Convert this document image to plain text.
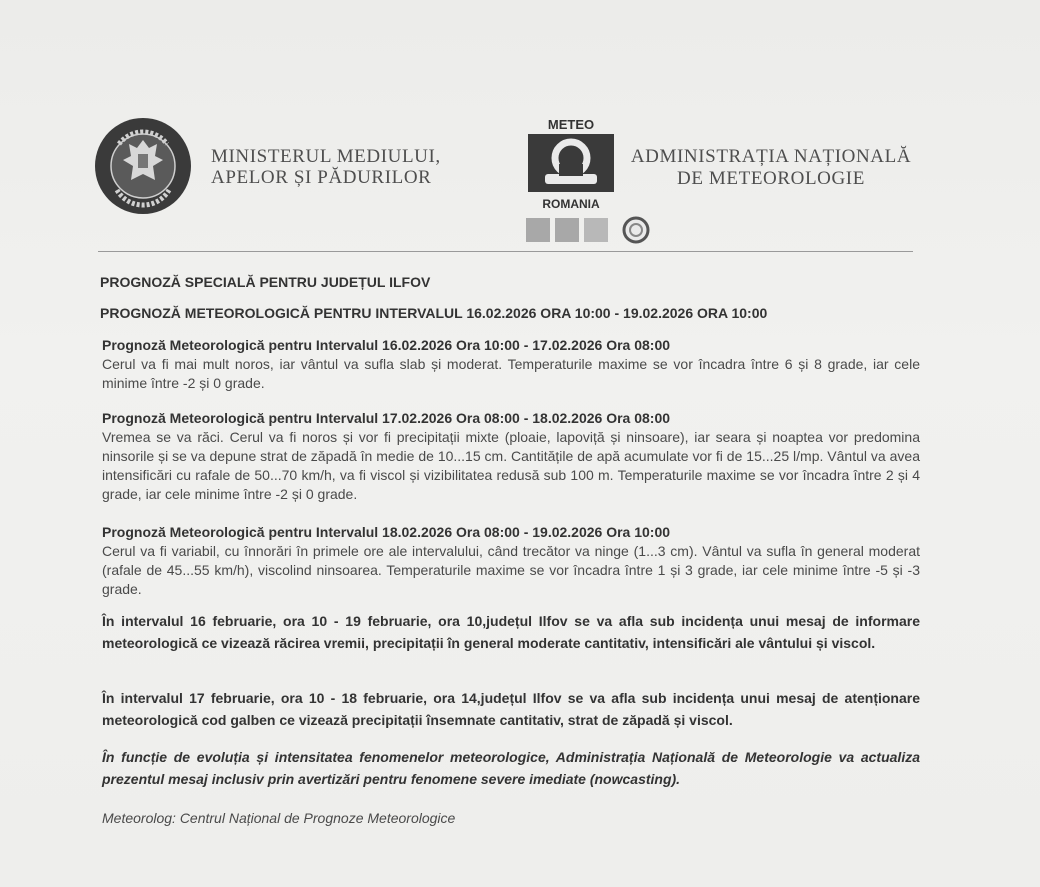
MINISTERUL MEDIULUI,
APELOR ȘI PĂDURILOR
METEO
ROMANIA
ADMINISTRAȚIA NAȚIONALĂ
DE METEOROLOGIE
PROGNOZĂ SPECIALĂ PENTRU JUDEȚUL ILFOV
PROGNOZĂ METEOROLOGICĂ PENTRU INTERVALUL 16.02.2026 ORA 10:00 - 19.02.2026 ORA 10:00
Prognoză Meteorologică pentru Intervalul 16.02.2026 Ora 10:00 - 17.02.2026 Ora 08:00

Cerul va fi mai mult noros, iar vântul va sufla slab și moderat. Temperaturile maxime se vor încadra între 6 și 8 grade, iar cele minime între -2 și 0 grade.

Prognoză Meteorologică pentru Intervalul 17.02.2026 Ora 08:00 - 18.02.2026 Ora 08:00

Vremea se va răci. Cerul va fi noros și vor fi precipitații mixte (ploaie, lapoviță și ninsoare), iar seara și noaptea vor predomina ninsorile și se va depune strat de zăpadă în medie de 10...15 cm. Cantitățile de apă acumulate vor fi de 15...25 l/mp. Vântul va avea intensificări cu rafale de 50...70 km/h, va fi viscol și vizibilitatea redusă sub 100 m. Temperaturile maxime se vor încadra între 2 și 4 grade, iar cele minime între -2 și 0 grade.

Prognoză Meteorologică pentru Intervalul 18.02.2026 Ora 08:00 - 19.02.2026 Ora 10:00

Cerul va fi variabil, cu înnorări în primele ore ale intervalului, când trecător va ninge (1...3 cm). Vântul va sufla în general moderat (rafale de 45...55 km/h), viscolind ninsoarea. Temperaturile maxime se vor încadra între 1 și 3 grade, iar cele minime între -5 și -3 grade.

În intervalul 16 februarie, ora 10 - 19 februarie, ora 10,județul Ilfov se va afla sub incidența unui mesaj de informare meteorologică ce vizează răcirea vremii, precipitații în general moderate cantitativ, intensificări ale vântului și viscol.

În intervalul 17 februarie, ora 10 - 18 februarie, ora 14,județul Ilfov se va afla sub incidența unui mesaj de atenționare meteorologică cod galben ce vizează precipitații însemnate cantitativ, strat de zăpadă și viscol.

În funcție de evoluția și intensitatea fenomenelor meteorologice, Administrația Națională de Meteorologie va actualiza prezentul mesaj inclusiv prin avertizări pentru fenomene severe imediate (nowcasting).

Meteorolog: Centrul Național de Prognoze Meteorologice
